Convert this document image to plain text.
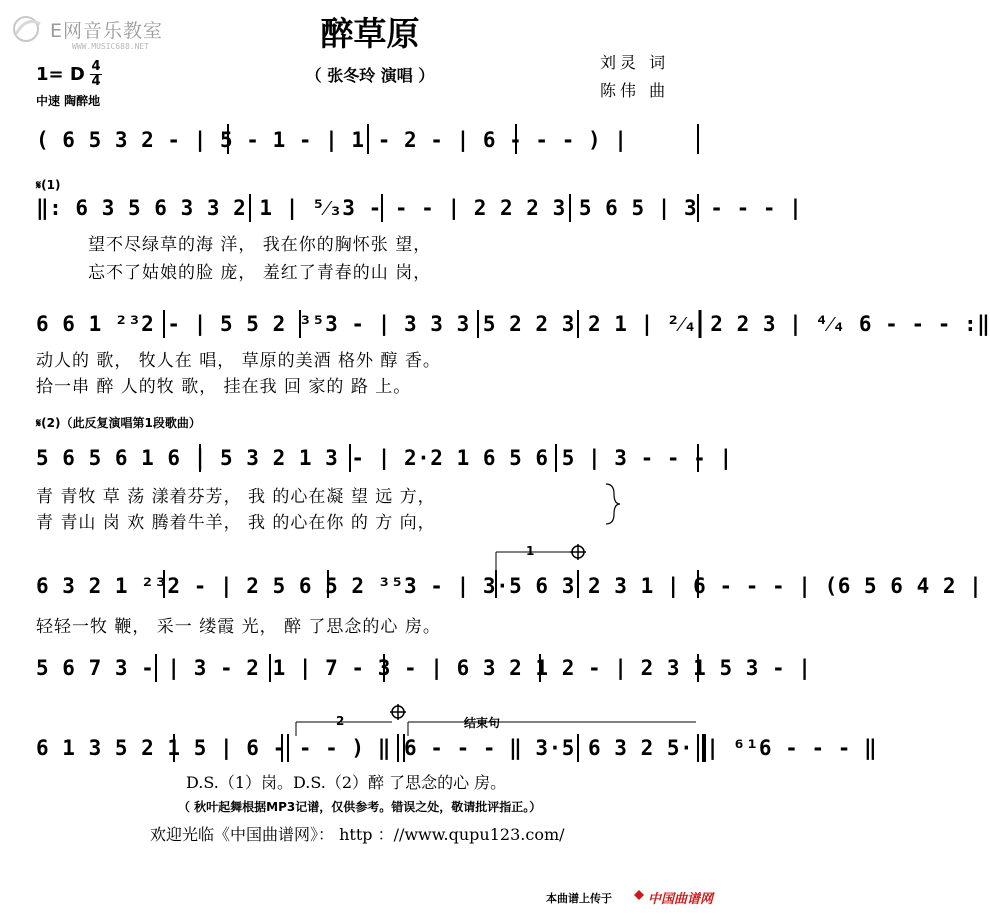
E网音乐教室
WWW.MUSIC688.NET	醉草原
（ 张冬玲 演唱 ）
刘灵 词
陈伟 曲
1= D 4
4
中速 陶醉地
( 6 5 3 2 - | 5 - 1 - | 1 - 2 - | 6 - - - ) |
𝄋(1)
‖: 6 3 5 6 3 3 2 1 | ⁵⁄₃3 - - - | 2 2 2 3 5 6 5 | 3 - - - |
望不尽绿草的海 洋， 我在你的胸怀张 望，
忘不了姑娘的脸 庞， 羞红了青春的山 岗，
6 6 1 ²³2 - | 5 5 2 ³⁵3 - | 3 3 3 5 2 2 3 2 1 | ²⁄₄ 2 2 3 | ⁴⁄₄ 6 - - - :‖
动人的 歌， 牧人在 唱， 草原的美酒 格外 醇 香。
拾一串 醉 人的牧 歌， 挂在我 回 家的 路 上。
𝄋(2)（此反复演唱第1段歌曲）
5 6 5 6 1 6 | 5 3 2 1 3 - | 2·2 1 6 5 6 5 | 3 - - - |
青 青牧 草 荡 漾着芬芳， 我 的心在凝 望 远 方，
青 青山 岗 欢 腾着牛羊， 我 的心在你 的 方 向，
1
6 3 2 1 ²³2 - | 2 5 6 5 2 ³⁵3 - | 3·5 6 3 2 3 1 | 6 - - - | (6 5 6 4 2 |
轻轻一牧 鞭， 采一 缕霞 光， 醉 了思念的心 房。
5 6 7 3 - | 3 - 2 1 | 7 - 3 - | 6 3 2 1 2 - | 2 3 1 5 3 - |
2	结束句
6 1 3 5 2 1 5 | 6 - - - ) ‖ 6 - - - ‖ 3·5 6 3 2 5· | ⁶¹6 - - - ‖
D.S.（1）岗。D.S.（2）醉 了思念的心 房。
（ 秋叶起舞根据MP3记谱，仅供参考。错误之处，敬请批评指正。）
欢迎光临《中国曲谱网》： http ：//www.qupu123.com/
本曲谱上传于	中国曲谱网
